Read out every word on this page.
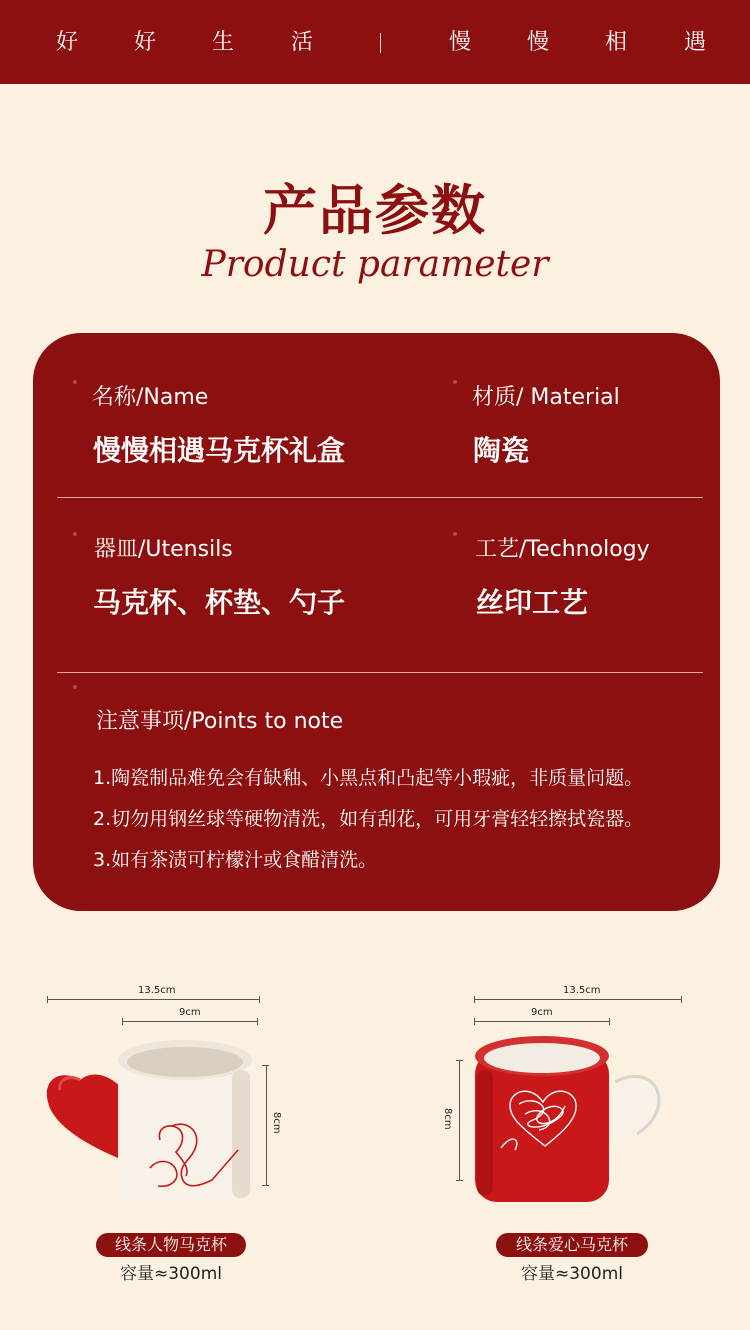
好	好	生	活	慢	慢	相	遇
产品参数
Product parameter
名称/Name
慢慢相遇马克杯礼盒
材质/ Material
陶瓷
器皿/Utensils
马克杯、杯垫、勺子
工艺/Technology
丝印工艺
注意事项/Points to note
1.陶瓷制品难免会有缺釉、小黑点和凸起等小瑕疵，非质量问题。
2.切勿用钢丝球等硬物清洗，如有刮花，可用牙膏轻轻擦拭瓷器。
3.如有茶渍可柠檬汁或食醋清洗。
13.5cm
9cm
8cm
线条人物马克杯
容量≈300ml
13.5cm
9cm
8cm
线条爱心马克杯
容量≈300ml
